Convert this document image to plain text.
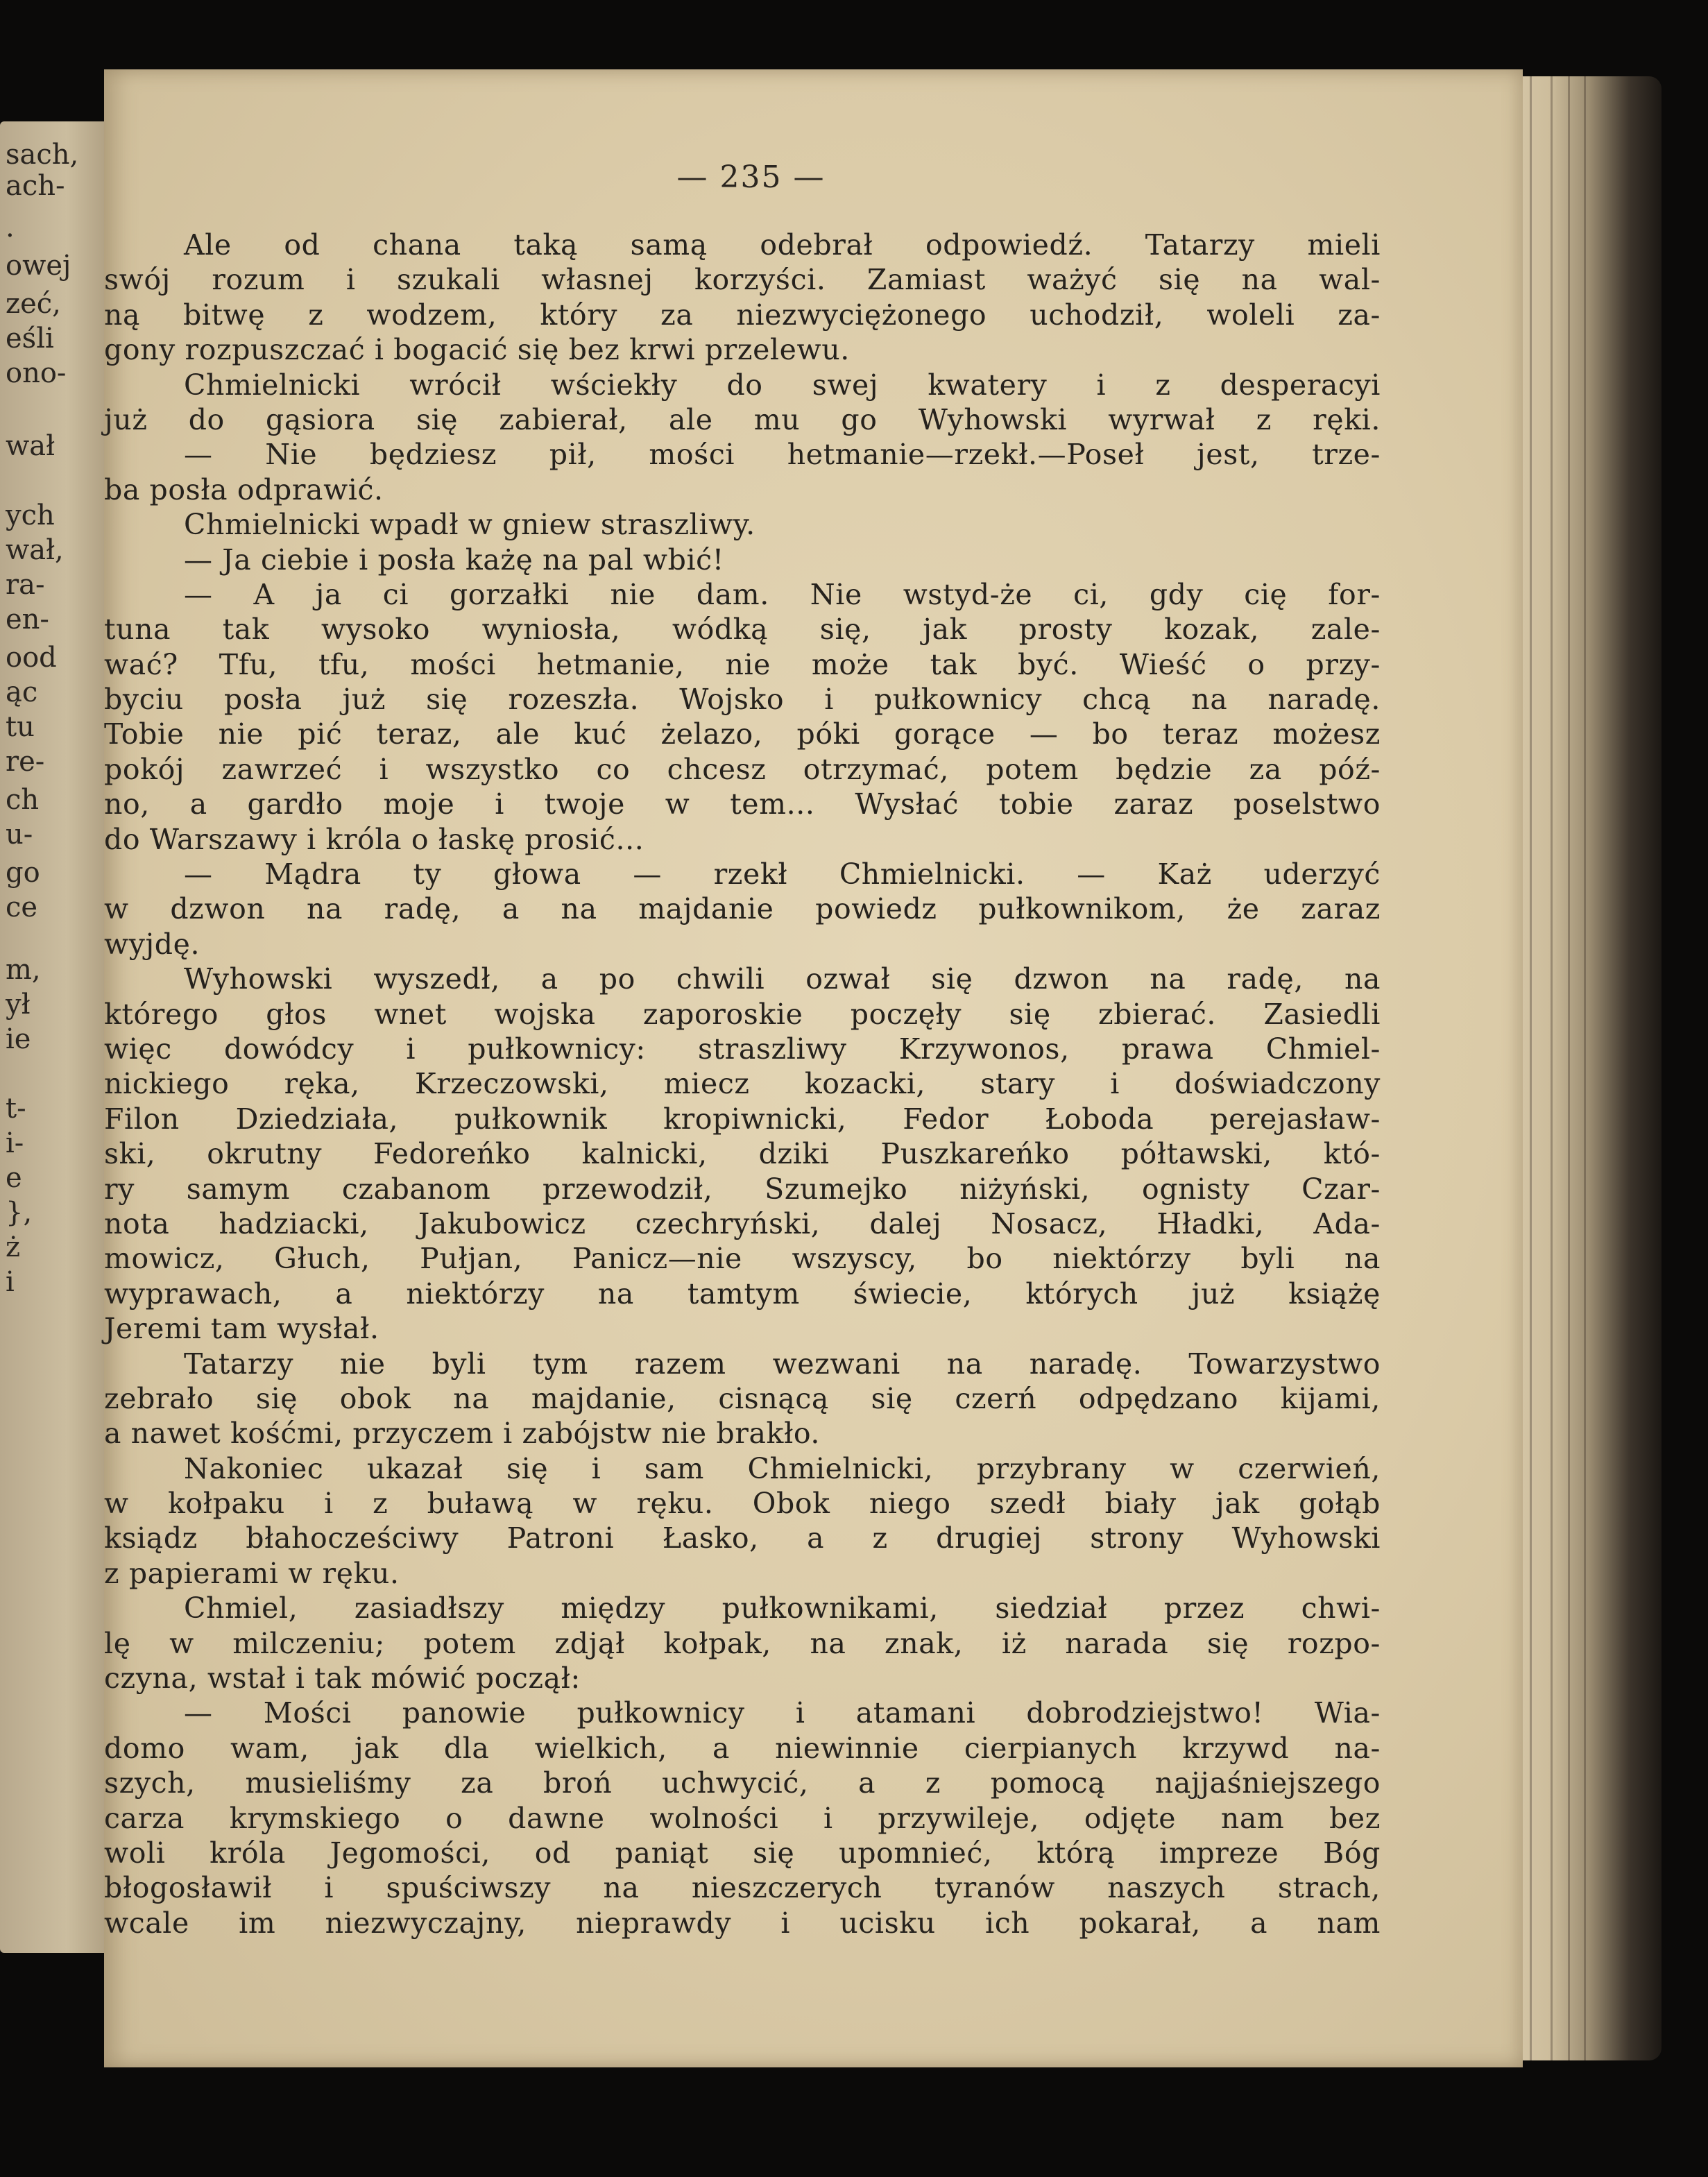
sach,
ach-
.
owej
zeć,
eśli
ono-
wał
ych
wał,
ra-
en-
ood
ąc
tu
re-
ch
u-
go
ce
m,
ył
ie
t-
i-
e
},
ż
i
— 235 —
Ale od chana taką samą odebrał odpowiedź. Tatarzy mieli
swój rozum i szukali własnej korzyści. Zamiast ważyć się na wal-
ną bitwę z wodzem, który za niezwyciężonego uchodził, woleli za-
gony rozpuszczać i bogacić się bez krwi przelewu.
Chmielnicki wrócił wściekły do swej kwatery i z desperacyi
już do gąsiora się zabierał, ale mu go Wyhowski wyrwał z ręki.
— Nie będziesz pił, mości hetmanie—rzekł.—Poseł jest, trze-
ba posła odprawić.
Chmielnicki wpadł w gniew straszliwy.
— Ja ciebie i posła każę na pal wbić!
— A ja ci gorzałki nie dam. Nie wstyd-że ci, gdy cię for-
tuna tak wysoko wyniosła, wódką się, jak prosty kozak, zale-
wać? Tfu, tfu, mości hetmanie, nie może tak być. Wieść o przy-
byciu posła już się rozeszła. Wojsko i pułkownicy chcą na naradę.
Tobie nie pić teraz, ale kuć żelazo, póki gorące — bo teraz możesz
pokój zawrzeć i wszystko co chcesz otrzymać, potem będzie za póź-
no, a gardło moje i twoje w tem... Wysłać tobie zaraz poselstwo
do Warszawy i króla o łaskę prosić...
— Mądra ty głowa — rzekł Chmielnicki. — Każ uderzyć
w dzwon na radę, a na majdanie powiedz pułkownikom, że zaraz
wyjdę.
Wyhowski wyszedł, a po chwili ozwał się dzwon na radę, na
którego głos wnet wojska zaporoskie poczęły się zbierać. Zasiedli
więc dowódcy i pułkownicy: straszliwy Krzywonos, prawa Chmiel-
nickiego ręka, Krzeczowski, miecz kozacki, stary i doświadczony
Filon Dziedziała, pułkownik kropiwnicki, Fedor Łoboda perejasław-
ski, okrutny Fedoreńko kalnicki, dziki Puszkareńko półtawski, któ-
ry samym czabanom przewodził, Szumejko niżyński, ognisty Czar-
nota hadziacki, Jakubowicz czechryński, dalej Nosacz, Hładki, Ada-
mowicz, Głuch, Pułjan, Panicz—nie wszyscy, bo niektórzy byli na
wyprawach, a niektórzy na tamtym świecie, których już książę
Jeremi tam wysłał.
Tatarzy nie byli tym razem wezwani na naradę. Towarzystwo
zebrało się obok na majdanie, cisnącą się czerń odpędzano kijami,
a nawet kośćmi, przyczem i zabójstw nie brakło.
Nakoniec ukazał się i sam Chmielnicki, przybrany w czerwień,
w kołpaku i z buławą w ręku. Obok niego szedł biały jak gołąb
ksiądz błahocześciwy Patroni Łasko, a z drugiej strony Wyhowski
z papierami w ręku.
Chmiel, zasiadłszy między pułkownikami, siedział przez chwi-
lę w milczeniu; potem zdjął kołpak, na znak, iż narada się rozpo-
czyna, wstał i tak mówić począł:
— Mości panowie pułkownicy i atamani dobrodziejstwo! Wia-
domo wam, jak dla wielkich, a niewinnie cierpianych krzywd na-
szych, musieliśmy za broń uchwycić, a z pomocą najjaśniejszego
carza krymskiego o dawne wolności i przywileje, odjęte nam bez
woli króla Jegomości, od paniąt się upomnieć, którą impreze Bóg
błogosławił i spuściwszy na nieszczerych tyranów naszych strach,
wcale im niezwyczajny, nieprawdy i ucisku ich pokarał, a nam
